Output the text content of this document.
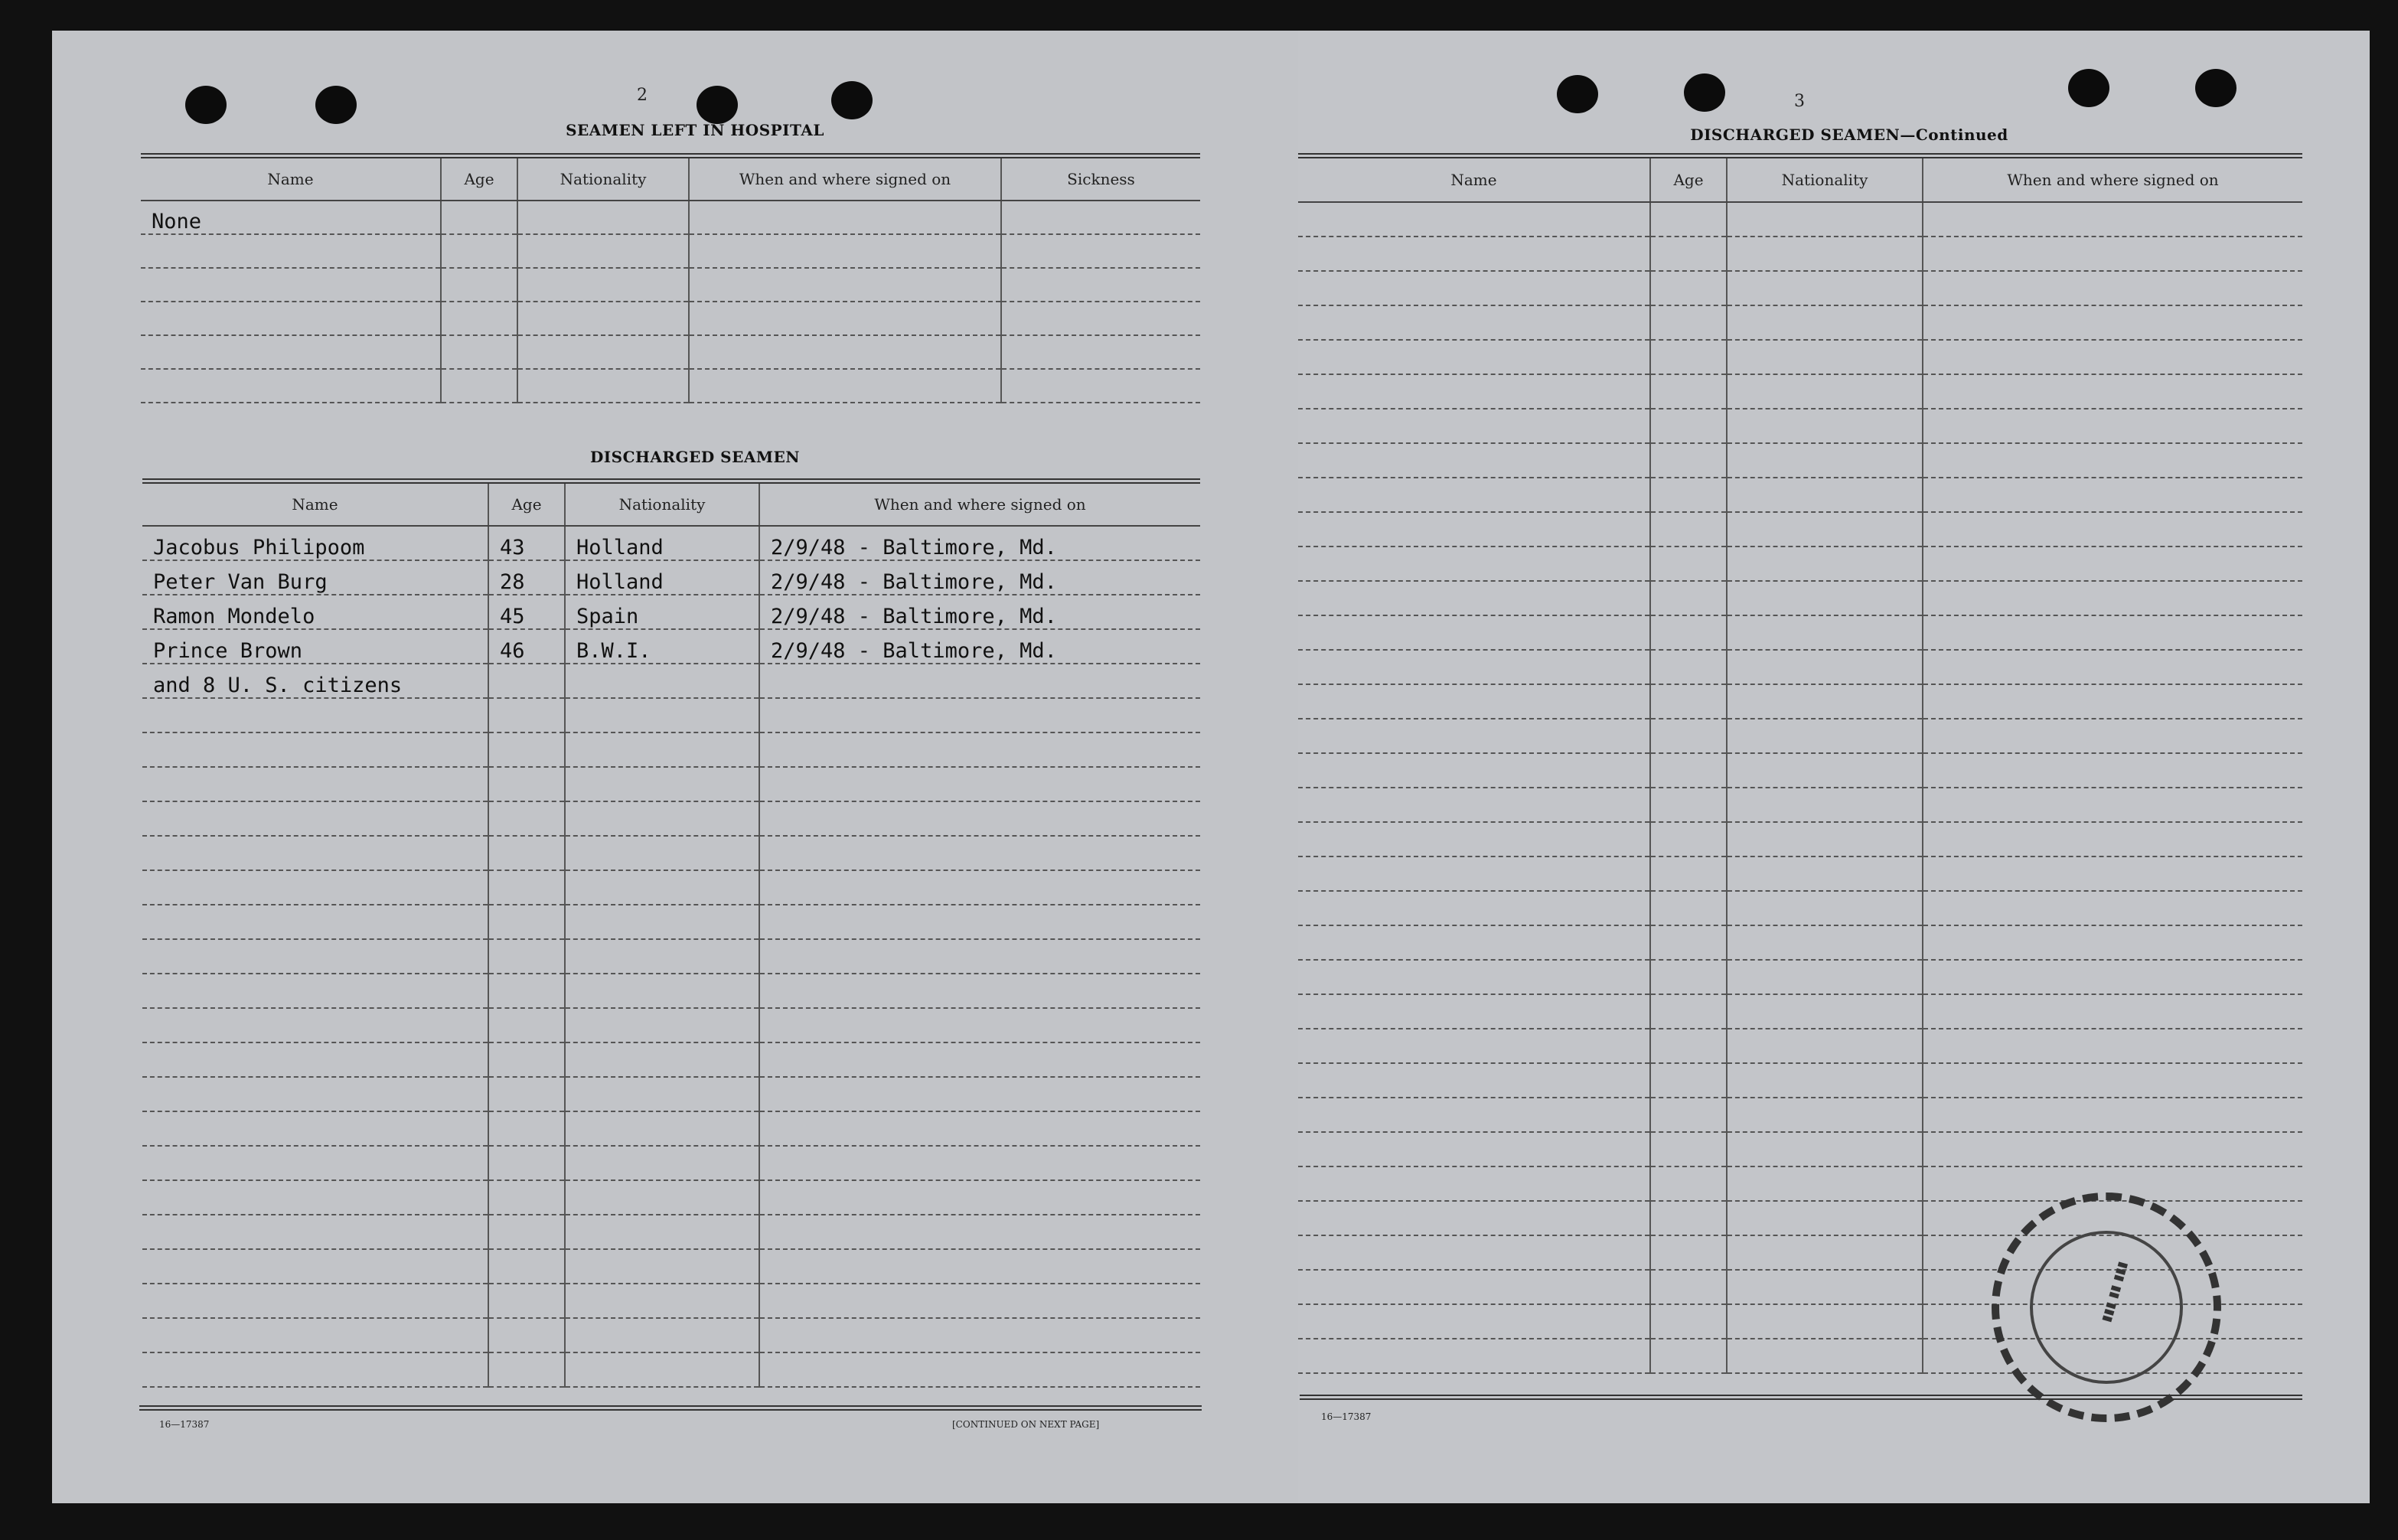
2
SEAMEN LEFT IN HOSPITAL
Name	Age	Nationality	When and where signed on	Sickness
None				

DISCHARGED SEAMEN
Name	Age	Nationality	When and where signed on
Jacobus Philipoom	43	Holland	2/9/48 - Baltimore, Md.
Peter Van Burg	28	Holland	2/9/48 - Baltimore, Md.
Ramon Mondelo	45	Spain	2/9/48 - Baltimore, Md.
Prince Brown	46	B.W.I.	2/9/48 - Baltimore, Md.
and 8 U. S. citizens			

16—17387	[CONTINUED ON NEXT PAGE]
3
DISCHARGED SEAMEN—Continued
Name	Age	Nationality	When and where signed on

16—17387
▮▮▮ ▮▮ ▮▮▮
